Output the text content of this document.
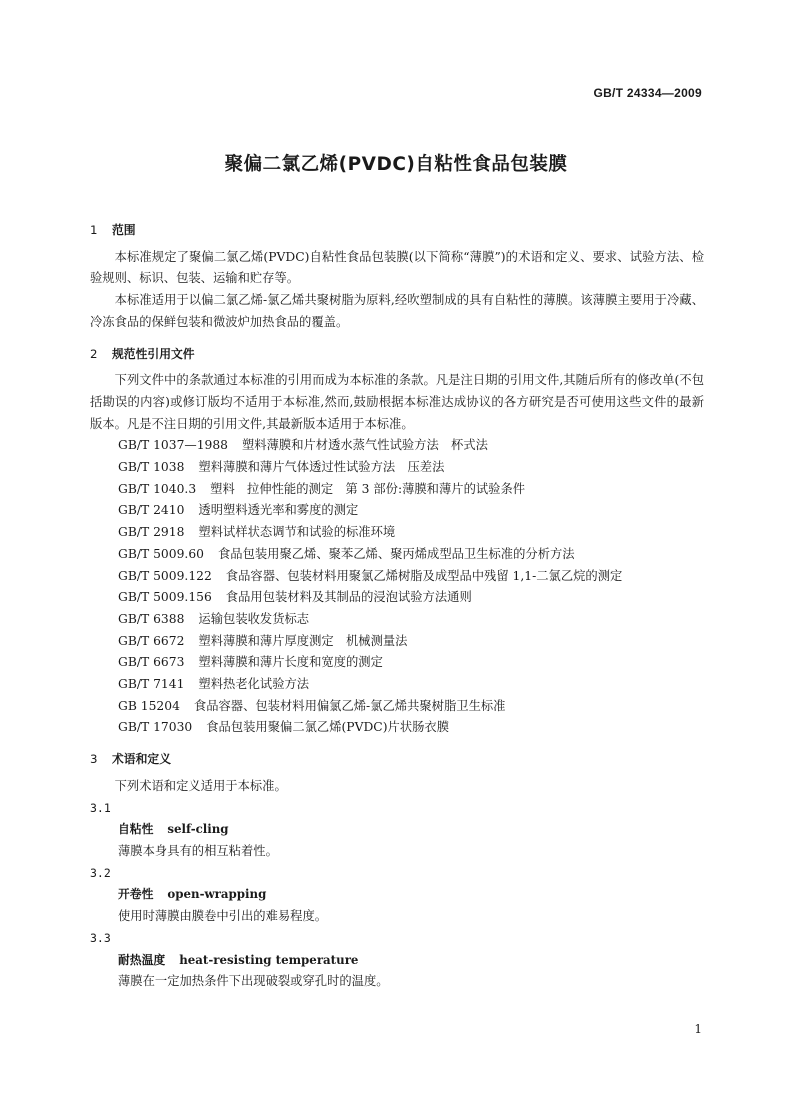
GB/T 24334—2009
聚偏二氯乙烯(PVDC)自粘性食品包装膜
1 范围

本标准规定了聚偏二氯乙烯(PVDC)自粘性食品包装膜(以下简称“薄膜”)的术语和定义、要求、试验方法、检验规则、标识、包装、运输和贮存等。

本标准适用于以偏二氯乙烯-氯乙烯共聚树脂为原料,经吹塑制成的具有自粘性的薄膜。该薄膜主要用于冷藏、冷冻食品的保鲜包装和微波炉加热食品的覆盖。

2 规范性引用文件

下列文件中的条款通过本标准的引用而成为本标准的条款。凡是注日期的引用文件,其随后所有的修改单(不包括勘误的内容)或修订版均不适用于本标准,然而,鼓励根据本标准达成协议的各方研究是否可使用这些文件的最新版本。凡是不注日期的引用文件,其最新版本适用于本标准。

GB/T 1037—1988 塑料薄膜和片材透水蒸气性试验方法　杯式法

GB/T 1038 塑料薄膜和薄片气体透过性试验方法　压差法

GB/T 1040.3 塑料　拉伸性能的测定　第 3 部份:薄膜和薄片的试验条件

GB/T 2410 透明塑料透光率和雾度的测定

GB/T 2918 塑料试样状态调节和试验的标准环境

GB/T 5009.60 食品包装用聚乙烯、聚苯乙烯、聚丙烯成型品卫生标准的分析方法

GB/T 5009.122 食品容器、包装材料用聚氯乙烯树脂及成型品中残留 1,1-二氯乙烷的测定

GB/T 5009.156 食品用包装材料及其制品的浸泡试验方法通则

GB/T 6388 运输包装收发货标志

GB/T 6672 塑料薄膜和薄片厚度测定　机械测量法

GB/T 6673 塑料薄膜和薄片长度和宽度的测定

GB/T 7141 塑料热老化试验方法

GB 15204 食品容器、包装材料用偏氯乙烯-氯乙烯共聚树脂卫生标准

GB/T 17030 食品包装用聚偏二氯乙烯(PVDC)片状肠衣膜

3 术语和定义

下列术语和定义适用于本标准。

3.1

自粘性 self-cling

薄膜本身具有的相互粘着性。

3.2

开卷性 open-wrapping

使用时薄膜由膜卷中引出的难易程度。

3.3

耐热温度 heat-resisting temperature

薄膜在一定加热条件下出现破裂或穿孔时的温度。

1
